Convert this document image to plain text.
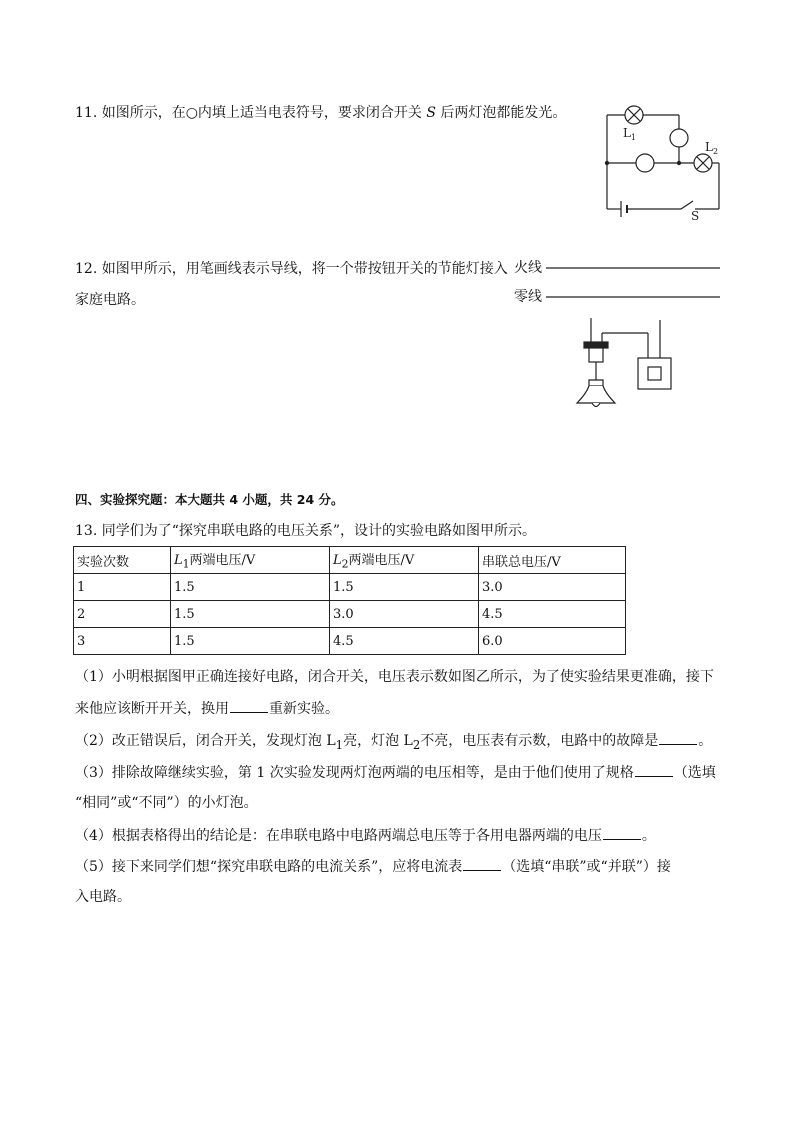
11. 如图所示，在○内填上适当电表符号，要求闭合开关 S 后两灯泡都能发光。
L 1
L 2
S
12. 如图甲所示，用笔画线表示导线，将一个带按钮开关的节能灯接入
家庭电路。
火线
零线
四、实验探究题：本大题共 4 小题，共 24 分。
13. 同学们为了“探究串联电路的电压关系”，设计的实验电路如图甲所示。
实验次数	$L_1$两端电压/V	$L_2$两端电压/V	串联总电压/V
1	1.5	1.5	3.0
2	1.5	3.0	4.5
3	1.5	4.5	6.0
（1）小明根据图甲正确连接好电路，闭合开关，电压表示数如图乙所示，为了使实验结果更准确，接下
来他应该断开开关，换用	重新实验。
（2）改正错误后，闭合开关，发现灯泡 $L_1$亮，灯泡 $L_2$不亮，电压表有示数，电路中的故障是	。
（3）排除故障继续实验，第 1 次实验发现两灯泡两端的电压相等，是由于他们使用了规格	（选填
“相同”或“不同”）的小灯泡。
（4）根据表格得出的结论是：在串联电路中电路两端总电压等于各用电器两端的电压	。
（5）接下来同学们想“探究串联电路的电流关系”，应将电流表	（选填“串联”或“并联”）接
入电路。
